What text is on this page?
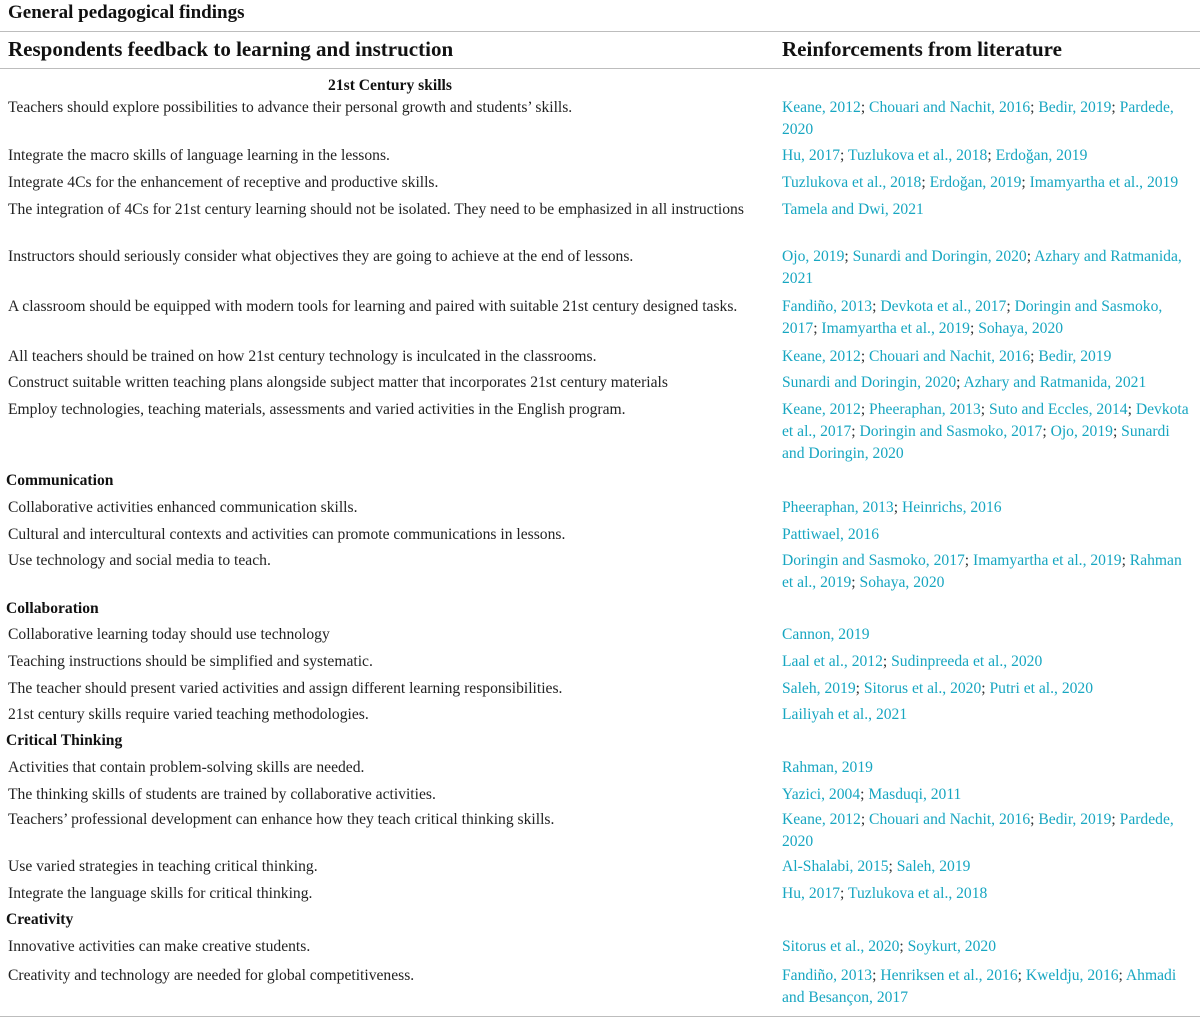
General pedagogical findings
Respondents feedback to learning and instruction	Reinforcements from literature
21st Century skills
Teachers should explore possibilities to advance their personal growth and students’ skills.	Keane, 2012; Chouari and Nachit, 2016; Bedir, 2019; Pardede, 2020
Integrate the macro skills of language learning in the lessons.	Hu, 2017; Tuzlukova et al., 2018; Erdoğan, 2019
Integrate 4Cs for the enhancement of receptive and productive skills.	Tuzlukova et al., 2018; Erdoğan, 2019; Imamyartha et al., 2019
The integration of 4Cs for 21st century learning should not be isolated. They need to be emphasized in all instructions	Tamela and Dwi, 2021
Instructors should seriously consider what objectives they are going to achieve at the end of lessons.	Ojo, 2019; Sunardi and Doringin, 2020; Azhary and Ratmanida, 2021
A classroom should be equipped with modern tools for learning and paired with suitable 21st century designed tasks.	Fandiño, 2013; Devkota et al., 2017; Doringin and Sasmoko, 2017; Imamyartha et al., 2019; Sohaya, 2020
All teachers should be trained on how 21st century technology is inculcated in the classrooms.	Keane, 2012; Chouari and Nachit, 2016; Bedir, 2019
Construct suitable written teaching plans alongside subject matter that incorporates 21st century materials	Sunardi and Doringin, 2020; Azhary and Ratmanida, 2021
Employ technologies, teaching materials, assessments and varied activities in the English program.	Keane, 2012; Pheeraphan, 2013; Suto and Eccles, 2014; Devkota et al., 2017; Doringin and Sasmoko, 2017; Ojo, 2019; Sunardi and Doringin, 2020
Communication
Collaborative activities enhanced communication skills.	Pheeraphan, 2013; Heinrichs, 2016
Cultural and intercultural contexts and activities can promote communications in lessons.	Pattiwael, 2016
Use technology and social media to teach.	Doringin and Sasmoko, 2017; Imamyartha et al., 2019; Rahman et al., 2019; Sohaya, 2020
Collaboration
Collaborative learning today should use technology	Cannon, 2019
Teaching instructions should be simplified and systematic.	Laal et al., 2012; Sudinpreeda et al., 2020
The teacher should present varied activities and assign different learning responsibilities.	Saleh, 2019; Sitorus et al., 2020; Putri et al., 2020
21st century skills require varied teaching methodologies.	Lailiyah et al., 2021
Critical Thinking
Activities that contain problem-solving skills are needed.	Rahman, 2019
The thinking skills of students are trained by collaborative activities.	Yazici, 2004; Masduqi, 2011
Teachers’ professional development can enhance how they teach critical thinking skills.	Keane, 2012; Chouari and Nachit, 2016; Bedir, 2019; Pardede, 2020
Use varied strategies in teaching critical thinking.	Al-Shalabi, 2015; Saleh, 2019
Integrate the language skills for critical thinking.	Hu, 2017; Tuzlukova et al., 2018
Creativity
Innovative activities can make creative students.	Sitorus et al., 2020; Soykurt, 2020
Creativity and technology are needed for global competitiveness.	Fandiño, 2013; Henriksen et al., 2016; Kweldju, 2016; Ahmadi and Besançon, 2017
